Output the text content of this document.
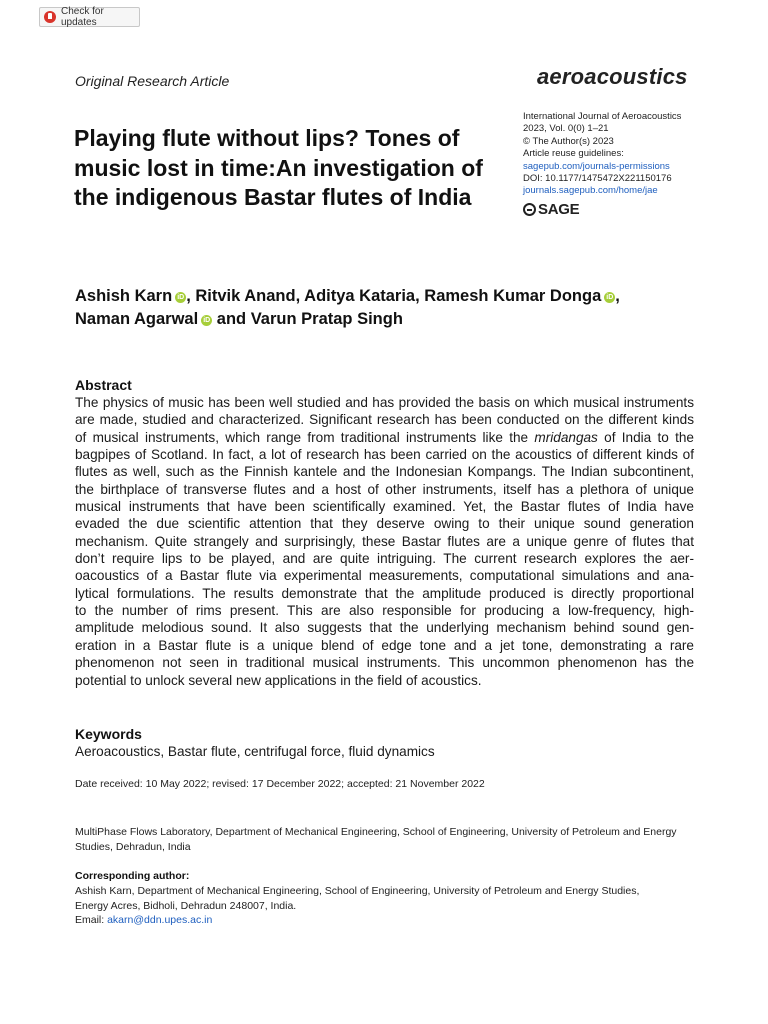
Check for updates
Original Research Article	aeroacoustics
Playing flute without lips? Tones of music lost in time:An investigation of the indigenous Bastar flutes of India
International Journal of Aeroacoustics
2023, Vol. 0(0) 1–21
© The Author(s) 2023
Article reuse guidelines:
sagepub.com/journals-permissions
DOI: 10.1177/1475472X221150176
journals.sagepub.com/home/jae
SAGE
Ashish Karn iD , Ritvik Anand, Aditya Kataria, Ramesh Kumar Donga iD ,
Naman Agarwal iD and Varun Pratap Singh
Abstract
The physics of music has been well studied and has provided the basis on which musical instruments
are made, studied and characterized. Significant research has been conducted on the different kinds
of musical instruments, which range from traditional instruments like the mridangas of India to the
bagpipes of Scotland. In fact, a lot of research has been carried on the acoustics of different kinds of
flutes as well, such as the Finnish kantele and the Indonesian Kompangs. The Indian subcontinent,
the birthplace of transverse flutes and a host of other instruments, itself has a plethora of unique
musical instruments that have been scientifically examined. Yet, the Bastar flutes of India have
evaded the due scientific attention that they deserve owing to their unique sound generation
mechanism. Quite strangely and surprisingly, these Bastar flutes are a unique genre of flutes that
don’t require lips to be played, and are quite intriguing. The current research explores the aer-
oacoustics of a Bastar flute via experimental measurements, computational simulations and ana-
lytical formulations. The results demonstrate that the amplitude produced is directly proportional
to the number of rims present. This are also responsible for producing a low-frequency, high-
amplitude melodious sound. It also suggests that the underlying mechanism behind sound gen-
eration in a Bastar flute is a unique blend of edge tone and a jet tone, demonstrating a rare
phenomenon not seen in traditional musical instruments. This uncommon phenomenon has the
potential to unlock several new applications in the field of acoustics.
Keywords
Aeroacoustics, Bastar flute, centrifugal force, fluid dynamics
Date received: 10 May 2022; revised: 17 December 2022; accepted: 21 November 2022
MultiPhase Flows Laboratory, Department of Mechanical Engineering, School of Engineering, University of Petroleum and Energy Studies, Dehradun, India
Corresponding author:
Ashish Karn, Department of Mechanical Engineering, School of Engineering, University of Petroleum and Energy Studies,
Energy Acres, Bidholi, Dehradun 248007, India.
Email: akarn@ddn.upes.ac.in
